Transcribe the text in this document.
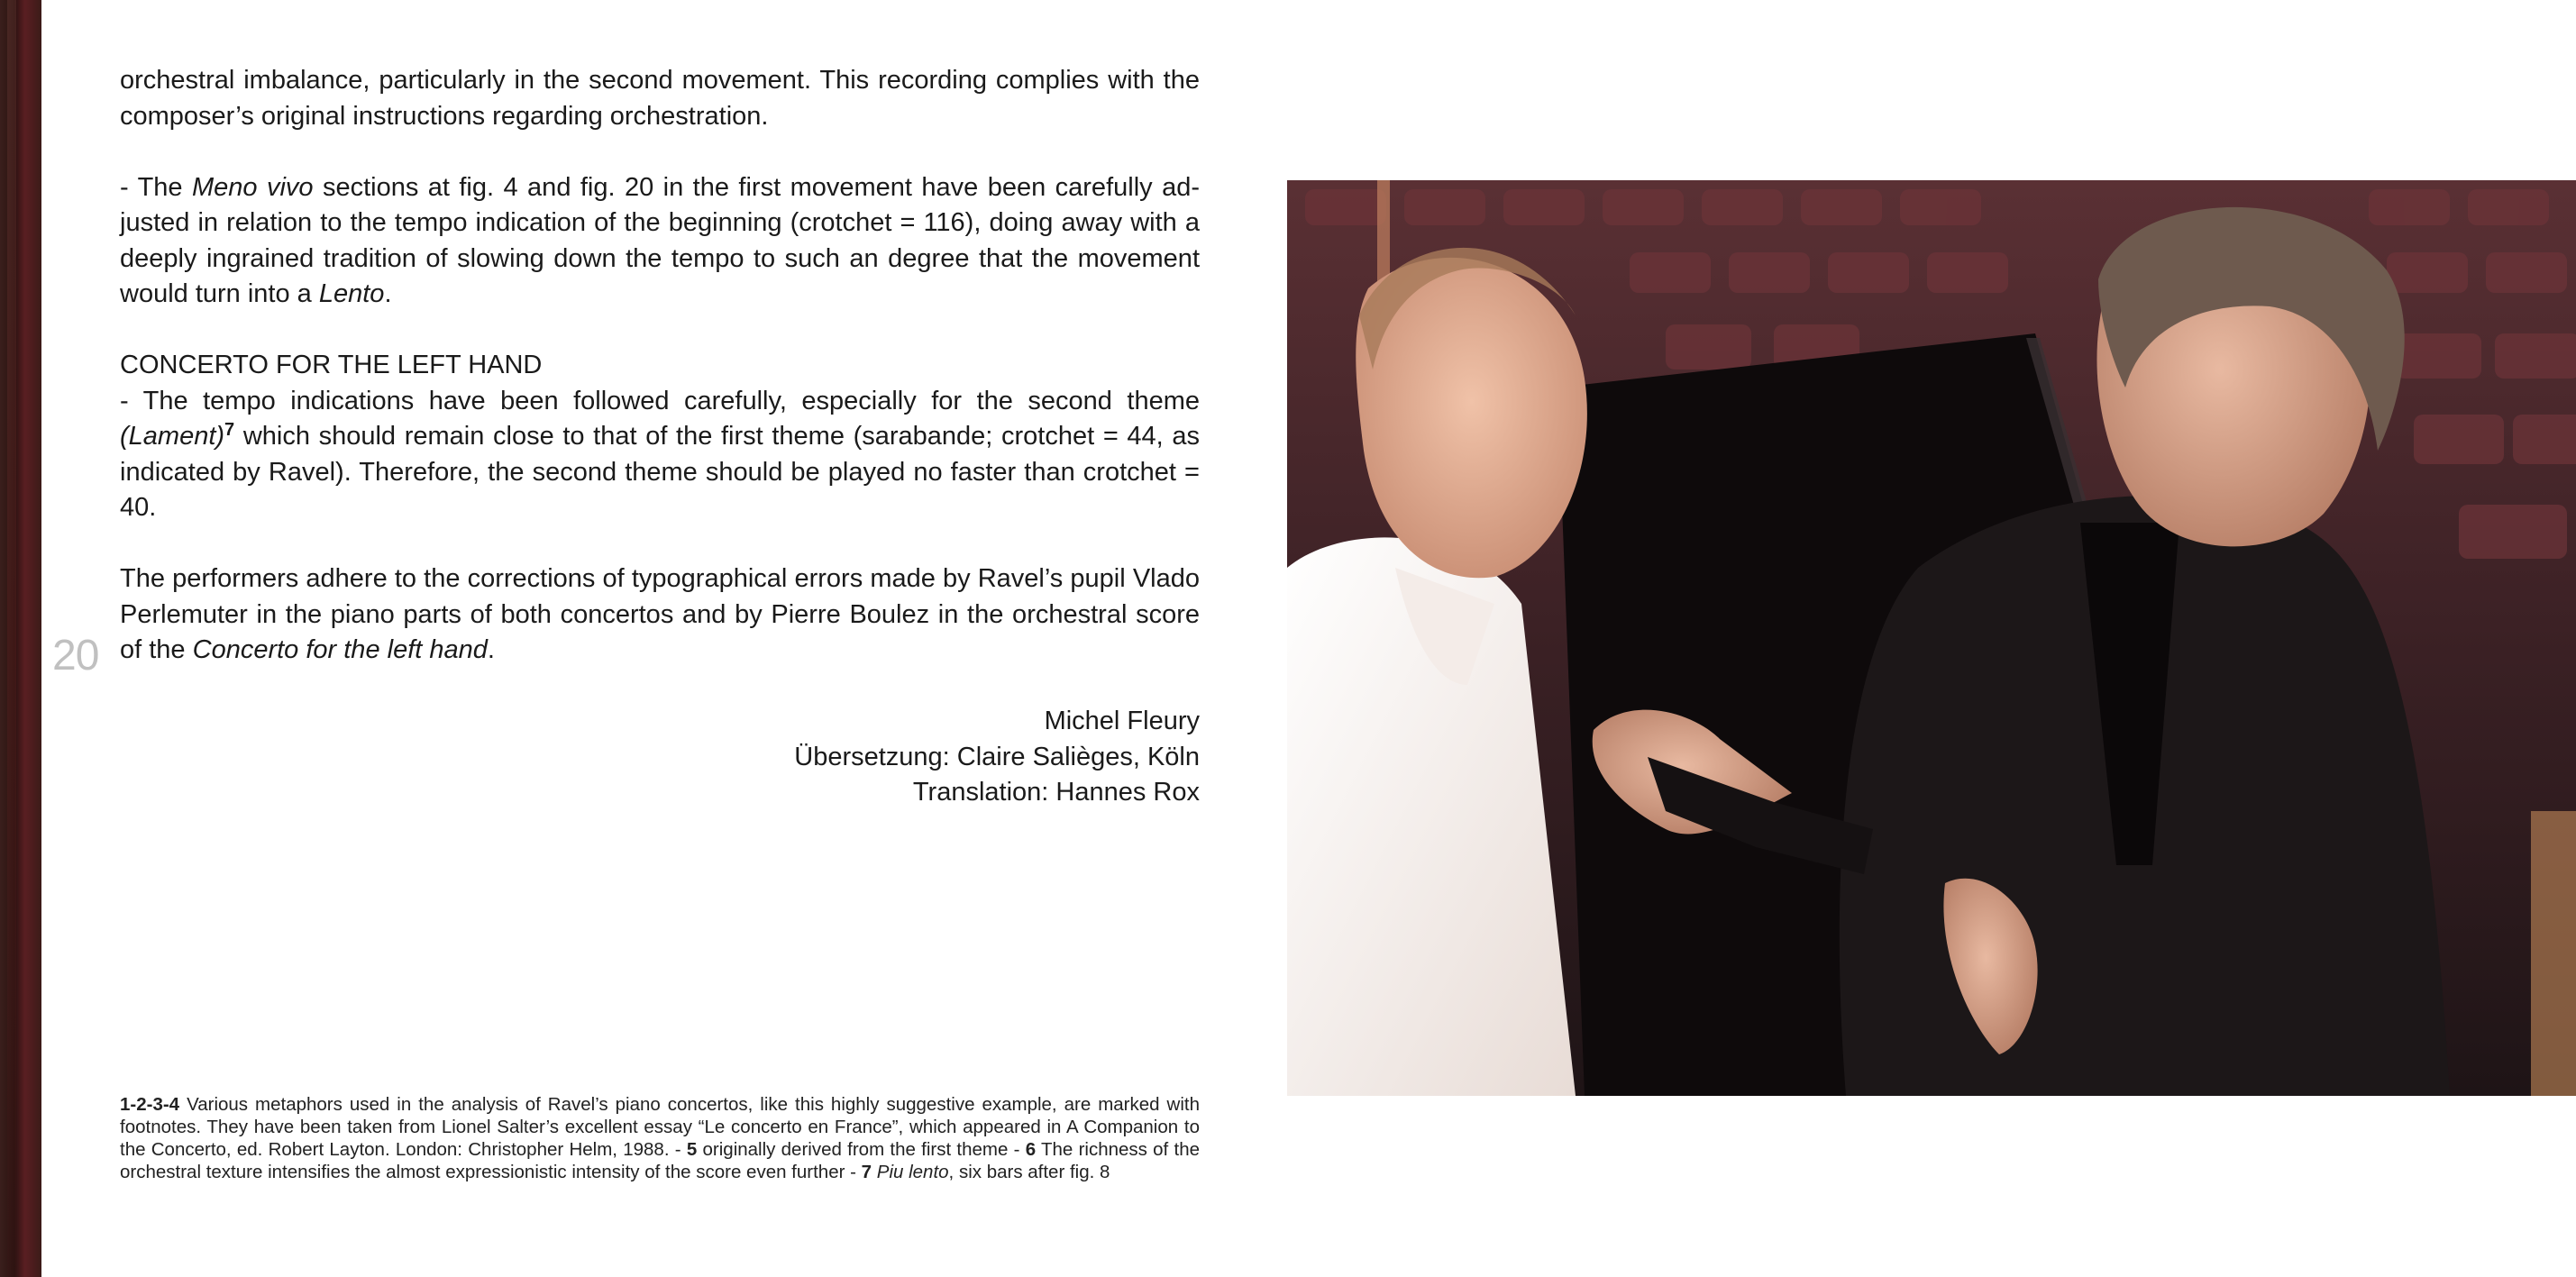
20

orchestral imbalance, particularly in the second movement. This recording complies with the composer’s original instructions regarding orchestration.

- The Meno vivo sections at fig. 4 and fig. 20 in the first movement have been carefully adjusted in relation to the tempo indication of the beginning (crotchet = 116), doing away with a deeply ingrained tradition of slowing down the tempo to such an degree that the movement would turn into a Lento.

CONCERTO FOR THE LEFT HAND

- The tempo indications have been followed carefully, especially for the second theme (Lament)$^7$ which should remain close to that of the first theme (sarabande; crotchet = 44, as indicated by Ravel). Therefore, the second theme should be played no faster than crotchet = 40.

The performers adhere to the corrections of typographical errors made by Ravel’s pupil Vlado Perlemuter in the piano parts of both concertos and by Pierre Boulez in the orchestral score of the Concerto for the left hand.

Michel Fleury
Übersetzung: Claire Salièges, Köln
Translation: Hannes Rox
1-2-3-4 Various metaphors used in the analysis of Ravel’s piano concertos, like this highly suggestive example, are marked with footnotes. They have been taken from Lionel Salter’s excellent essay “Le concerto en France”, which appeared in A Companion to the Concerto, ed. Robert Layton. London: Christopher Helm, 1988. - 5 originally derived from the first theme - 6 The richness of the orchestral texture intensifies the almost expressionistic intensity of the score even further - 7 Piu lento, six bars after fig. 8
